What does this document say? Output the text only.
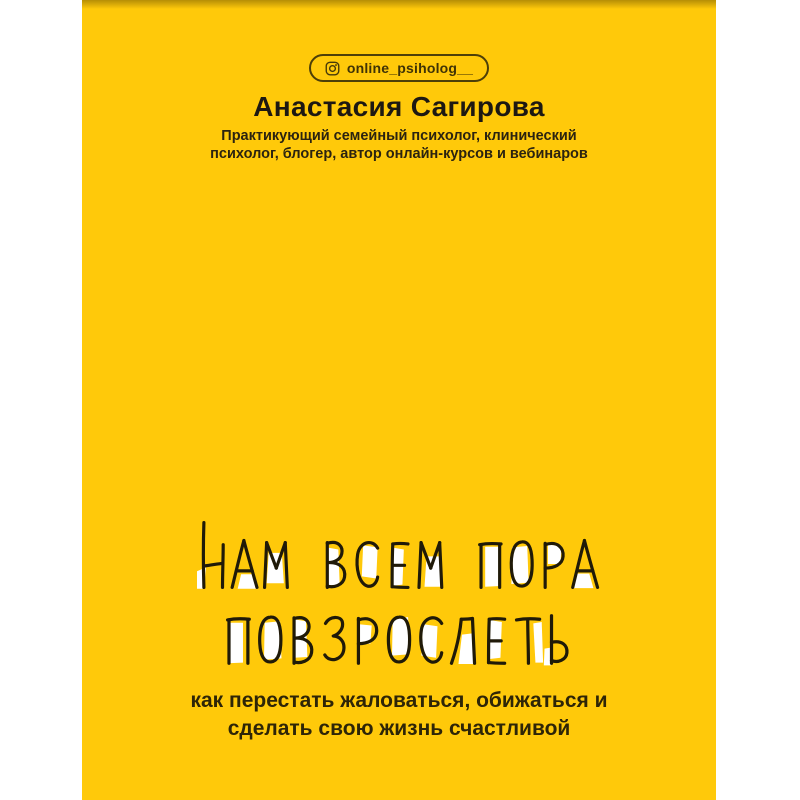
online_psiholog__
Анастасия Сагирова

Практикующий семейный психолог, клинический психолог, блогер, автор онлайн-курсов и вебинаров

как перестать жаловаться, обижаться и сделать свою жизнь счастливой
